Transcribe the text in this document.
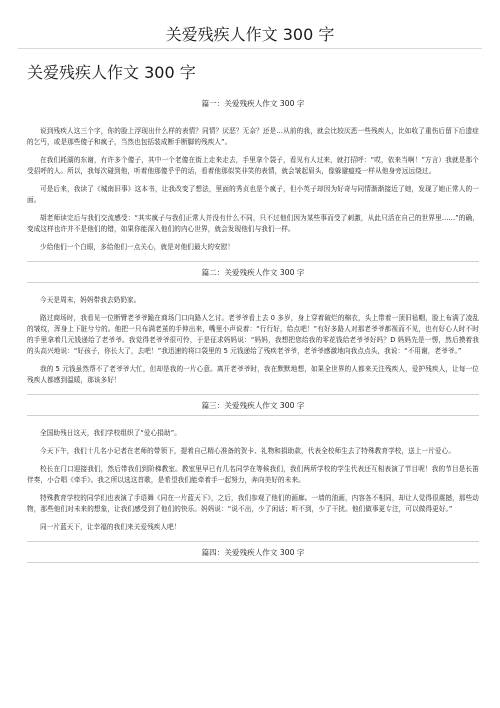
关爱残疾人作文 300 字
关爱残疾人作文 300 字
篇一：关爱残疾人作文 300 字

说到残疾人这三个字，你的脸上浮现出什么样的表情？同情？厌恶？无奈？还是…从前的我，就会比较厌恶一些残疾人，比如收了重伤后留下后遗症的乞丐，或是那些傻子和疯子，当然也包括装成断手断脚的残疾人”。

在我们耗湖的东谢，有许多个傻子，其中一个老傻在街上走来走去，手里拿个袋子，看见有人过来，就打招呼：“哎，依来当啊！”方言）我就是那个受招呼的人。所以，我每次碰到他，听着他那傻乎乎的话，看着他那似笑非笑的表情，就会皱起眉头，像躲避瘟疫一样从他身旁远远绕过。

可是后来，我读了《城南旧事》这本书，让我改变了想法，里面的秀贞也是个疯子，但小英子却因为好奇与同情渐渐接近了她，发现了她正常人的一面。

胡老师读完后与我们交流感受：“其实疯子与我们正常人并没有什么不同，只不过他们因为某些事而受了刺激，从此只活在自己的世界里……”的确，变成这样也许并不是他们的错，如果你能深入他们的内心世界，就会发现他们与我们一样。

少给他们一个白眼，多给他们一点关心，就是对他们最大的安慰！

篇二：关爱残疾人作文 300 字

今天是周末，妈妈带我去奶奶家。

路过商场时，我看见一位断臂老爷爷跪在商场门口向路人乞讨。老爷爷看上去 0 多岁，身上穿着破烂的棉衣，头上带着一顶旧毡帽，脸上布满了凌乱的皱纹，浑身上下脏兮兮的。他把一只布满老茧的手伸出来，嘴里小声说着：“行行好，给点吧！”有好多路人对那老爷爷都视而不见，也有好心人时不时的手里拿着几元钱递给了老爷爷。我觉得老爷爷很可怜，于是征求妈妈说：“妈妈，我想把您给我的零花钱给老爷爷好吗？D 妈妈先是一愣，然后摸着我的头高兴地说：“好孩子，你长大了，去吧！”我迅速的将口袋里的 5 元钱递给了残疾老爷爷，老爷爷感激地向我点点头，我说：“不用谢，老爷爷。”

我的 5 元钱虽然帮不了老爷爷大忙，但却是我的一片心意。离开老爷爷时，我在默默地想，如果全世界的人都来关注残疾人，爱护残疾人，让每一位残疾人都感到温暖，那该多好！

篇三：关爱残疾人作文 300 字

全国助残日这天，我们学校组织了“爱心捐助”。

今天下午，我们十几名小记者在老师的带领下，提着自己精心准备的贺卡、礼物和捐助款，代表全校师生去了特殊教育学校，送上一片爱心。

校长在门口迎接我们，然后带我们到阶梯教室。教室里早已有几名同学在等候我们，我们两所学校的学生代表还互相表演了节目呢！我的节目是长笛伴奏，小合唱《牵手》。我之所以选这首歌，是希望我们能牵着手一起努力，奔向美好的未来。

特殊教育学校的同学们也表演了手语舞《同在一片蓝天下》，之后，我们参观了他们的画廊。一墙的油画，内容各不相同，却让人觉得很震撼，那些动物，那些他们对未来的想象，让我们感受到了他们的快乐。妈妈说：“说不出，少了闲话；听不到，少了干扰。他们做事更专注，可以做得更好。”

同一片蓝天下，让幸福的我们来关爱残疾人吧！

篇四：关爱残疾人作文 300 字
